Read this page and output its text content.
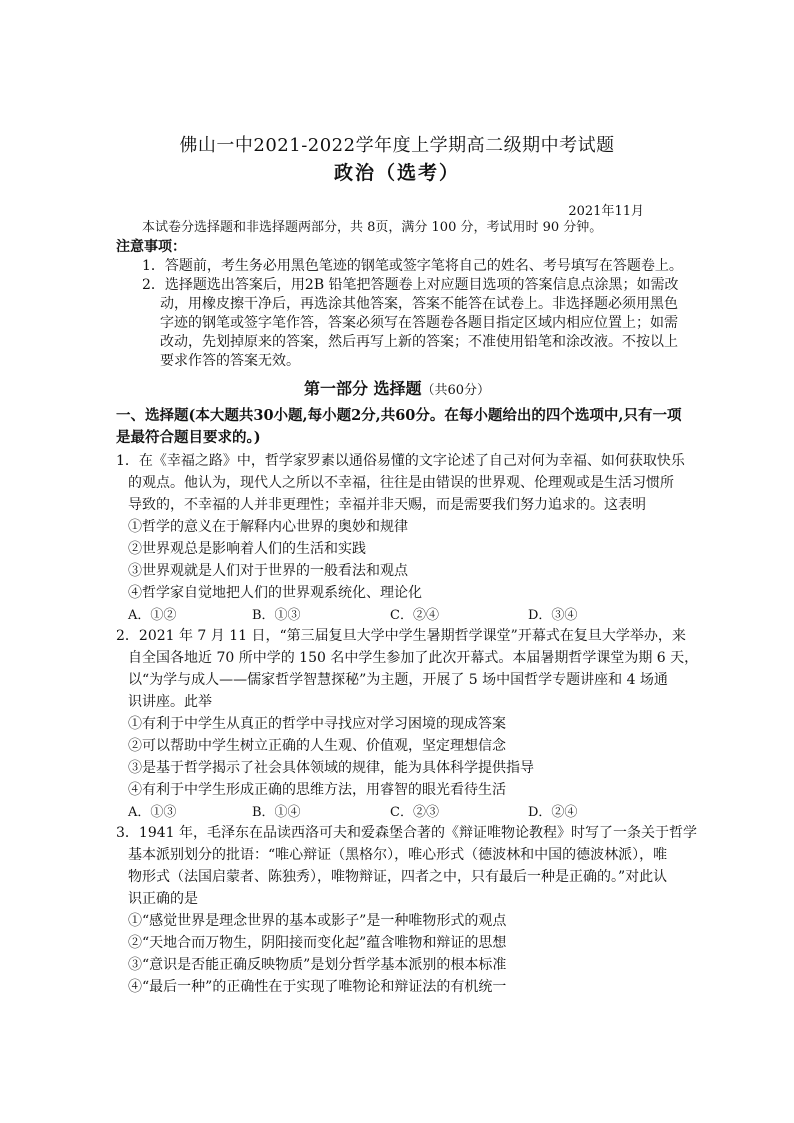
佛山一中2021-2022学年度上学期高二级期中考试题
政治（选考）
2021年11月
本试卷分选择题和非选择题两部分，共 8页，满分 100 分，考试用时 90 分钟。
注意事项：
1．答题前，考生务必用黑色笔迹的钢笔或签字笔将自己的姓名、考号填写在答题卷上。
2．选择题选出答案后，用2B 铅笔把答题卷上对应题目选项的答案信息点涂黑；如需改
动，用橡皮擦干净后，再选涂其他答案，答案不能答在试卷上。非选择题必须用黑色
字迹的钢笔或签字笔作答，答案必须写在答题卷各题目指定区域内相应位置上；如需
改动，先划掉原来的答案，然后再写上新的答案；不准使用铅笔和涂改液。不按以上
要求作答的答案无效。
第一部分 选择题（共60分）
一、选择题(本大题共30小题,每小题2分,共60分。在每小题给出的四个选项中,只有一项
是最符合题目要求的。)
1．在《幸福之路》中，哲学家罗素以通俗易懂的文字论述了自己对何为幸福、如何获取快乐
的观点。他认为，现代人之所以不幸福，往往是由错误的世界观、伦理观或是生活习惯所
导致的，不幸福的人并非更理性；幸福并非天赐，而是需要我们努力追求的。这表明
①哲学的意义在于解释内心世界的奥妙和规律
②世界观总是影响着人们的生活和实践
③世界观就是人们对于世界的一般看法和观点
④哲学家自觉地把人们的世界观系统化、理论化
A．①②	B．①③	C．②④	D．③④
2．2021 年 7 月 11 日，“第三届复旦大学中学生暑期哲学课堂”开幕式在复旦大学举办，来
自全国各地近 70 所中学的 150 名中学生参加了此次开幕式。本届暑期哲学课堂为期 6 天，
以“为学与成人——儒家哲学智慧探秘”为主题，开展了 5 场中国哲学专题讲座和 4 场通
识讲座。此举
①有利于中学生从真正的哲学中寻找应对学习困境的现成答案
②可以帮助中学生树立正确的人生观、价值观，坚定理想信念
③是基于哲学揭示了社会具体领域的规律，能为具体科学提供指导
④有利于中学生形成正确的思维方法，用睿智的眼光看待生活
A．①③	B．①④	C．②③	D．②④
3．1941 年，毛泽东在品读西洛可夫和爱森堡合著的《辩证唯物论教程》时写了一条关于哲学
基本派别划分的批语：“唯心辩证（黑格尔），唯心形式（德波林和中国的德波林派），唯
物形式（法国启蒙者、陈独秀），唯物辩证，四者之中，只有最后一种是正确的。”对此认
识正确的是
①“感觉世界是理念世界的基本或影子”是一种唯物形式的观点
②“天地合而万物生，阴阳接而变化起”蕴含唯物和辩证的思想
③“意识是否能正确反映物质”是划分哲学基本派别的根本标准
④“最后一种”的正确性在于实现了唯物论和辩证法的有机统一
